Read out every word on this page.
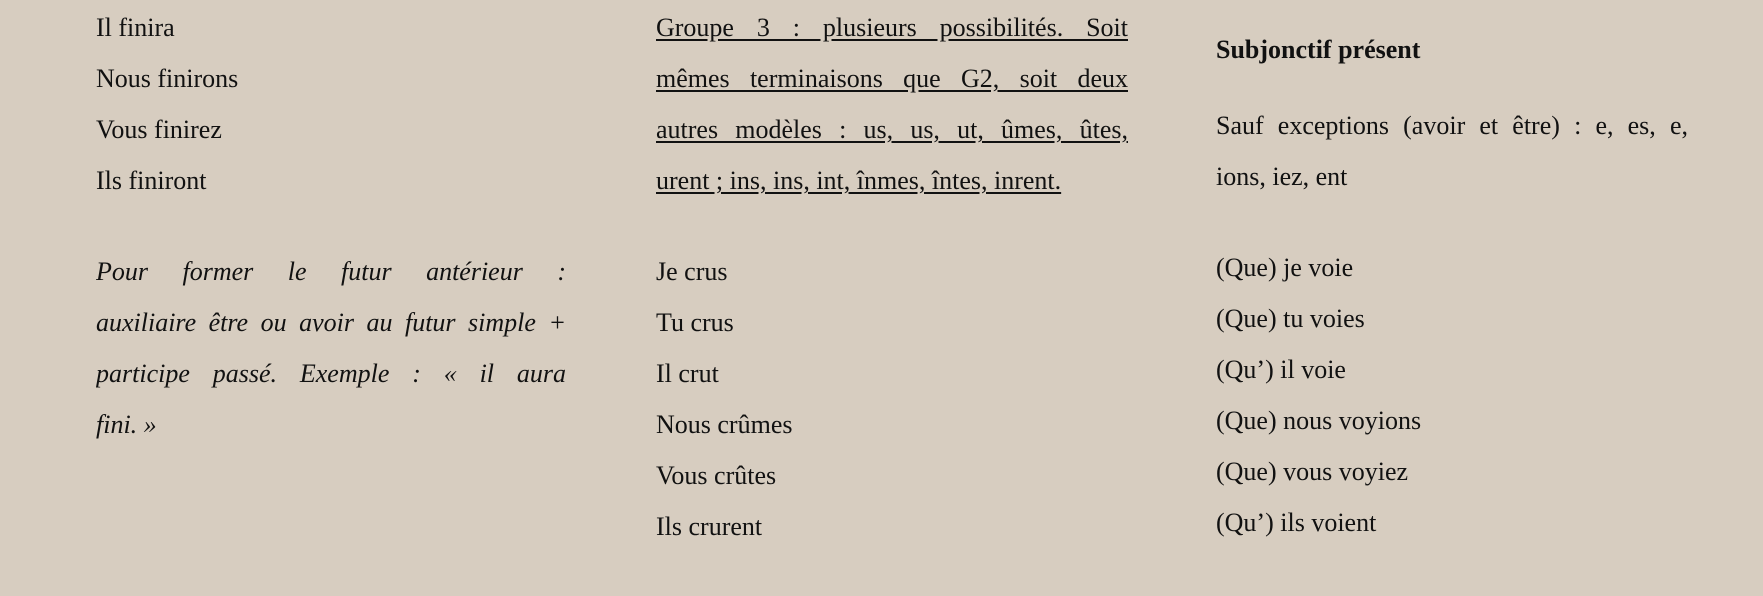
Il finira
Nous finirons
Vous finirez
Ils finiront
Pour former le futur antérieur :
auxiliaire être ou avoir au futur simple +
participe passé. Exemple : « il aura
fini. »
Groupe 3 : plusieurs possibilités. Soit
mêmes terminaisons que G2, soit deux
autres modèles : us, us, ut, ûmes, ûtes,
urent ; ins, ins, int, înmes, întes, inrent.
Je crus
Tu crus
Il crut
Nous crûmes
Vous crûtes
Ils crurent
Subjonctif présent
Sauf exceptions (avoir et être) : e, es, e,
ions, iez, ent
(Que) je voie
(Que) tu voies
(Qu’) il voie
(Que) nous voyions
(Que) vous voyiez
(Qu’) ils voient
